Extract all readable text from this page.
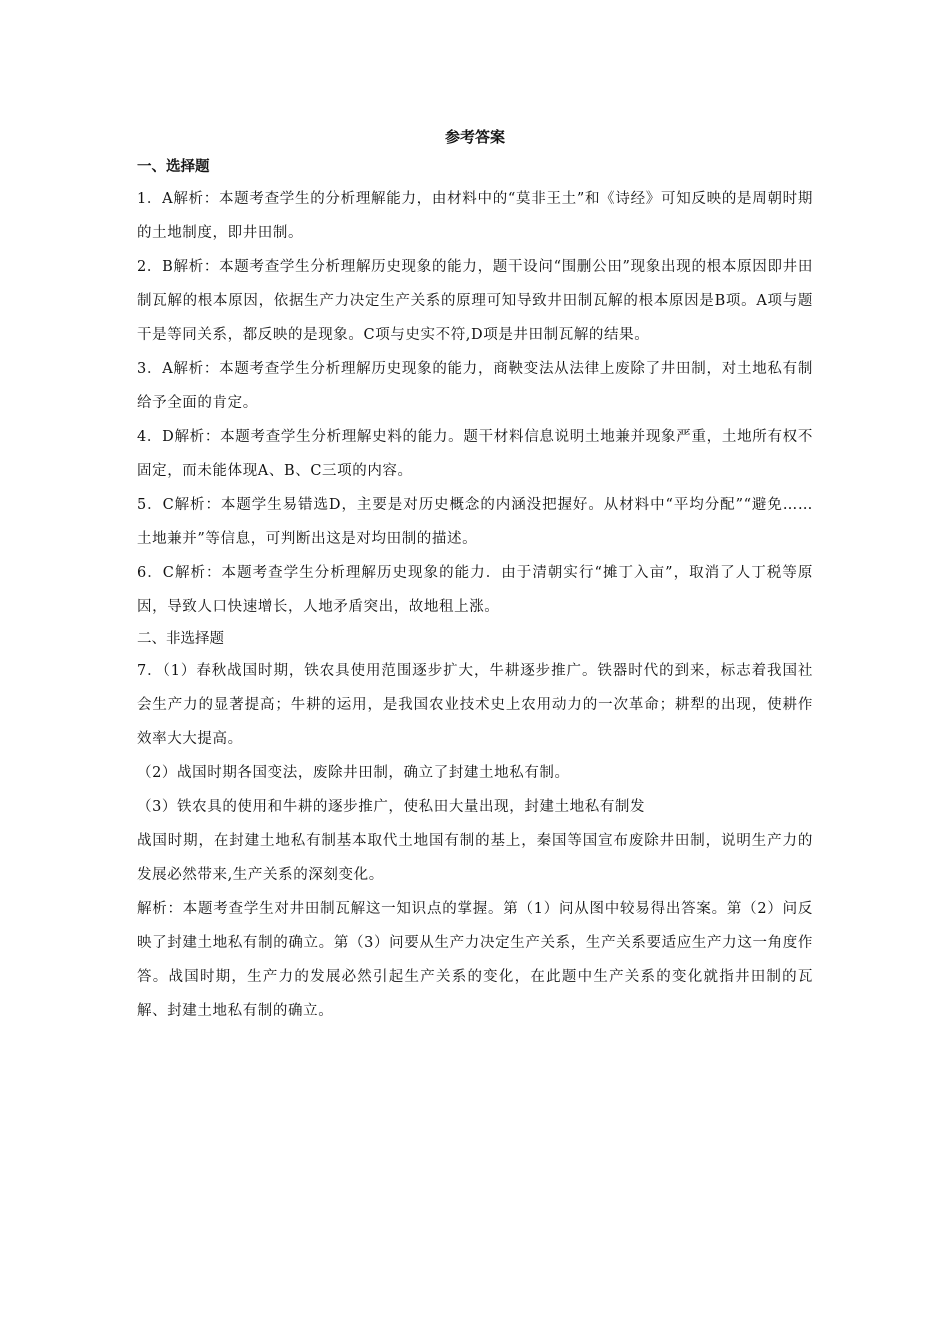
参考答案
一、选择题

1．A解析：本题考查学生的分析理解能力，由材料中的“莫非王土”和《诗经》可知反映的是周朝时期的土地制度，即井田制。

2．B解析：本题考查学生分析理解历史现象的能力，题干设问“围删公田”现象出现的根本原因即井田制瓦解的根本原因，依据生产力决定生产关系的原理可知导致井田制瓦解的根本原因是B项。A项与题干是等同关系，都反映的是现象。C项与史实不符,D项是井田制瓦解的结果。

3．A解析：本题考查学生分析理解历史现象的能力，商鞅变法从法律上废除了井田制，对土地私有制给予全面的肯定。

4．D解析：本题考查学生分析理解史料的能力。题干材料信息说明土地兼并现象严重，土地所有权不固定，而未能体现A、B、C三项的内容。

5．C解析：本题学生易错选D，主要是对历史概念的内涵没把握好。从材料中“平均分配”“避免……土地兼并”等信息，可判断出这是对均田制的描述。

6．C解析：本题考查学生分析理解历史现象的能力．由于清朝实行“摊丁入亩”，取消了人丁税等原因，导致人口快速增长，人地矛盾突出，故地租上涨。

二、非选择题

7．（1）春秋战国时期，铁农具使用范围逐步扩大，牛耕逐步推广。铁器时代的到来，标志着我国社会生产力的显著提高；牛耕的运用，是我国农业技术史上农用动力的一次革命；耕犁的出现，使耕作效率大大提高。

（2）战国时期各国变法，废除井田制，确立了封建土地私有制。

（3）铁农具的使用和牛耕的逐步推广，使私田大量出现，封建土地私有制发

战国时期，在封建土地私有制基本取代土地国有制的基上，秦国等国宣布废除井田制，说明生产力的发展必然带来,生产关系的深刻变化。

解析：本题考查学生对井田制瓦解这一知识点的掌握。第（1）问从图中较易得出答案。第（2）问反映了封建土地私有制的确立。第（3）问要从生产力决定生产关系，生产关系要适应生产力这一角度作答。战国时期，生产力的发展必然引起生产关系的变化，在此题中生产关系的变化就指井田制的瓦解、封建土地私有制的确立。
